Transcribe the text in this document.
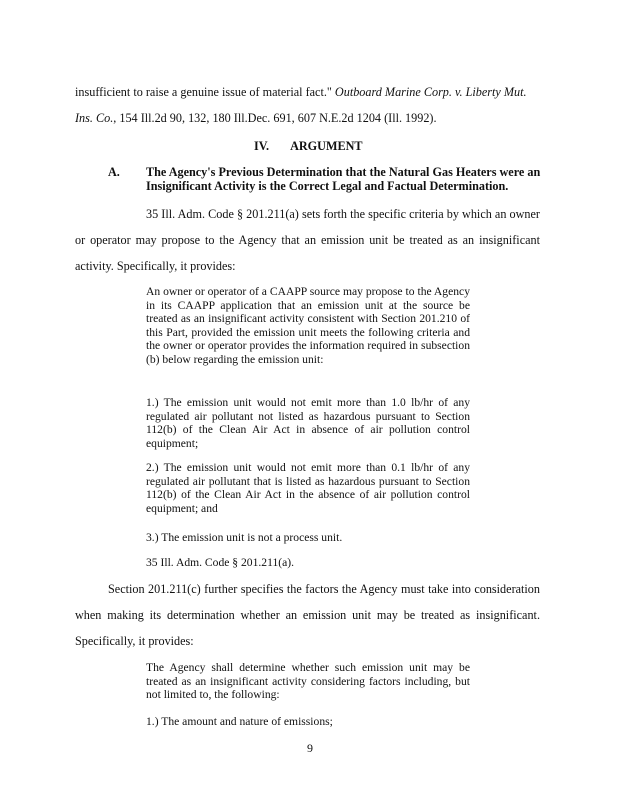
insufficient to raise a genuine issue of material fact." Outboard Marine Corp. v. Liberty Mut.
Ins. Co., 154 Ill.2d 90, 132, 180 Ill.Dec. 691, 607 N.E.2d 1204 (Ill. 1992).
IV. ARGUMENT
A. The Agency's Previous Determination that the Natural Gas Heaters were an
Insignificant Activity is the Correct Legal and Factual Determination.
35 Ill. Adm. Code § 201.211(a) sets forth the specific criteria by which an owner
or operator may propose to the Agency that an emission unit be treated as an insignificant
activity. Specifically, it provides:
An owner or operator of a CAAPP source may propose to the Agency in its CAAPP application that an emission unit at the source be treated as an insignificant activity consistent with Section 201.210 of this Part, provided the emission unit meets the following criteria and the owner or operator provides the information required in subsection (b) below regarding the emission unit:
1.) The emission unit would not emit more than 1.0 lb/hr of any regulated air pollutant not listed as hazardous pursuant to Section 112(b) of the Clean Air Act in absence of air pollution control equipment;
2.) The emission unit would not emit more than 0.1 lb/hr of any regulated air pollutant that is listed as hazardous pursuant to Section 112(b) of the Clean Air Act in the absence of air pollution control equipment; and
3.) The emission unit is not a process unit.
35 Ill. Adm. Code § 201.211(a).
Section 201.211(c) further specifies the factors the Agency must take into consideration
when making its determination whether an emission unit may be treated as insignificant.
Specifically, it provides:
The Agency shall determine whether such emission unit may be treated as an insignificant activity considering factors including, but not limited to, the following:
1.) The amount and nature of emissions;
9
